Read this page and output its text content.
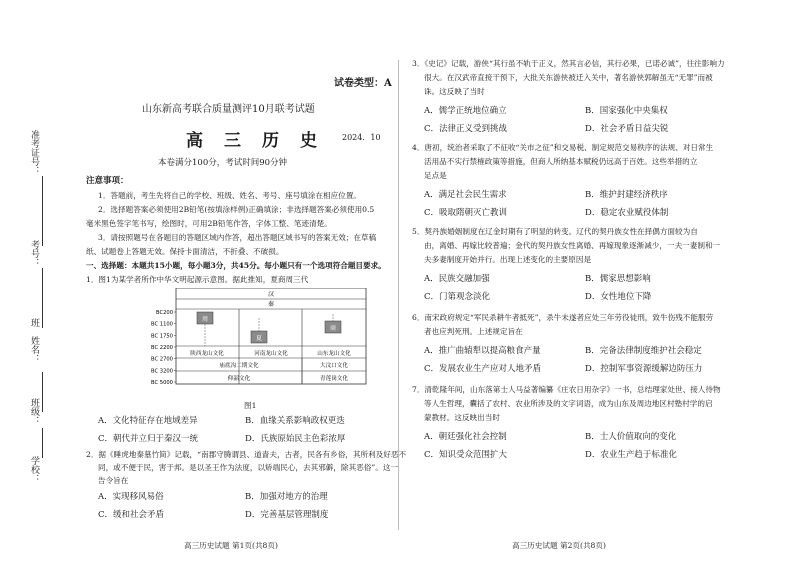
准考证号：
考号：
班　姓名：
班级：
学校：
试卷类型：A
山东新高考联合质量测评10月联考试题
高　三　历　史	2024．10
本卷满分100分，考试时间90分钟
注意事项：
1．答题前，考生先将自己的学校、班级、姓名、考号、座号填涂在相应位置。
2．选择题答案必须使用2B铅笔(按填涂样例)正确填涂；非选择题答案必须使用0.5
毫米黑色签字笔书写，绘图时，可用2B铅笔作答，字体工整、笔迹清楚。
3．请按照题号在各题目的答题区域内作答，超出答题区域书写的答案无效；在草稿
纸、试题卷上答题无效。保持卡面清洁，不折叠、不破损。
一、选择题：本题共15小题，每小题3分，共45分。每小题只有一个选项符合题目要求。
1．图1为某学者所作中华文明起源示意图。据此推知，夏商周三代
汉
秦
周
夏
商
陕西龙山文化	河南龙山文化	山东龙山文化
庙底沟二期文化	大汶口文化
仰韶文化	青莲岗文化
BC200
BC 1100
BC 1750
BC 2200
BC 2700
BC 3200
BC 5000
图1
A．文化特征存在地域差异	B．血缘关系影响政权更迭
C．朝代并立归于秦汉一统	D．氏族原始民主色彩浓厚
2．据《睡虎地秦墓竹简》记载，“南郡守腾谓县、道啬夫，古者，民各有乡俗，其所利及好恶不
同，或不便于民，害于邦。是以圣王作为法度，以矫端民心，去其邪僻，除其恶俗”。这一
告令旨在
A．实现移风易俗	B．加强对地方的治理
C．缓和社会矛盾	D．完善基层管理制度
高三历史试题 第1页(共8页)
3．《史记》记载，游侠“其行虽不轨于正义，然其言必信，其行必果，已诺必诚”，往往影响力
很大。在汉武帝直接干预下，大批关东游侠被迁入关中，著名游侠郭解虽无“无罪”而被
诛。这反映了当时
A．儒学正统地位确立	B．国家强化中央集权
C．法律正义受到挑战	D．社会矛盾日益尖锐
4．唐初，统治者采取了不征收“关市之征”和交易税、制定规范交易秩序的法规、对日常生
活用品不实行禁榷政策等措施，但商人所纳基本赋税仍远高于百姓。这些举措的立
足点是
A．满足社会民生需求	B．维护封建经济秩序
C．吸取隋朝灭亡教训	D．稳定农业赋役体制
5．契丹族婚姻制度在辽金时期有了明显的转变。辽代的契丹族女性在择偶方面较为自
由，离婚、再嫁比较普遍；金代的契丹族女性离婚、再嫁现象逐渐减少，一夫一妻制和一
夫多妻制度开始并行。出现上述变化的主要原因是
A．民族交融加强	B．儒家思想影响
C．门第观念淡化	D．女性地位下降
6．南宋政府规定“军民杀耕牛者抵死”，杀牛未遂者应处三年劳役徒刑，致牛伤残不能服劳
者也应判死刑。上述规定旨在
A．推广曲辕犁以提高粮食产量	B．完备法律制度维护社会稳定
C．发展农业生产应对人地矛盾	D．控制军事资源缓解边防压力
7．清乾隆年间，山东落第士人马益著编纂《庄农日用杂字》一书，总结理家处世、接人待物
等人生哲理，囊括了农村、农业所涉及的文字词语，成为山东及周边地区村塾村学的启
蒙教材。这反映出当时
A．朝廷强化社会控制	B．士人价值取向的变化
C．知识受众范围扩大	D．农业生产趋于标准化
高三历史试题 第2页(共8页)
